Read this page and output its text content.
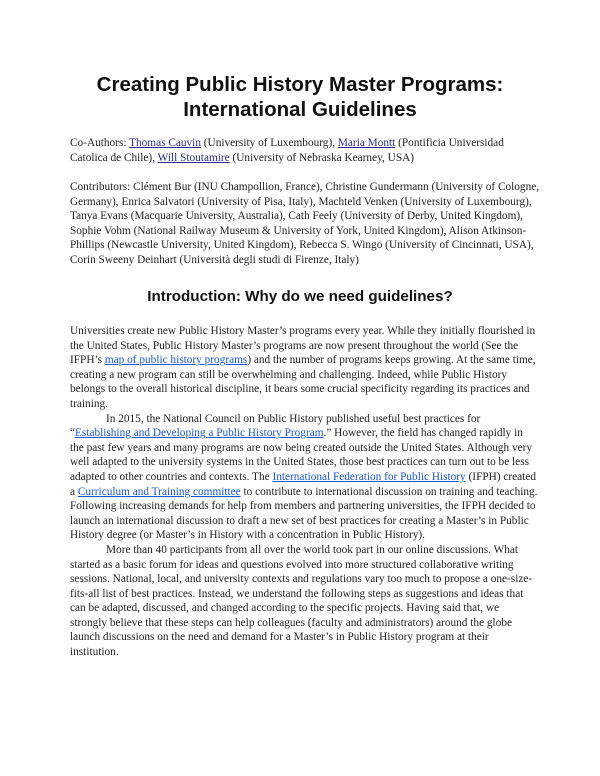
Creating Public History Master Programs:
International Guidelines
Co-Authors: Thomas Cauvin (University of Luxembourg), Maria Montt (Pontificia Universidad Catolica de Chile), Will Stoutamire (University of Nebraska Kearney, USA)
Contributors: Clément Bur (INU Champollion, France), Christine Gundermann (University of Cologne, Germany), Enrica Salvatori (University of Pisa, Italy), Machteld Venken (University of Luxembourg), Tanya Evans (Macquarie University, Australia), Cath Feely (University of Derby, United Kingdom), Sophie Vohm (National Railway Museum & University of York, United Kingdom), Alison Atkinson-Phillips (Newcastle University, United Kingdom), Rebecca S. Wingo (University of Cincinnati, USA), Corin Sweeny Deinhart (Università degli studi di Firenze, Italy)
Introduction: Why do we need guidelines?

Universities create new Public History Master’s programs every year. While they initially flourished in the United States, Public History Master’s programs are now present throughout the world (See the IFPH’s map of public history programs) and the number of programs keeps growing. At the same time, creating a new program can still be overwhelming and challenging. Indeed, while Public History belongs to the overall historical discipline, it bears some crucial specificity regarding its practices and training.

In 2015, the National Council on Public History published useful best practices for “Establishing and Developing a Public History Program.” However, the field has changed rapidly in the past few years and many programs are now being created outside the United States. Although very well adapted to the university systems in the United States, those best practices can turn out to be less adapted to other countries and contexts. The International Federation for Public History (IFPH) created a Curriculum and Training committee to contribute to international discussion on training and teaching. Following increasing demands for help from members and partnering universities, the IFPH decided to launch an international discussion to draft a new set of best practices for creating a Master’s in Public History degree (or Master’s in History with a concentration in Public History).

More than 40 participants from all over the world took part in our online discussions. What started as a basic forum for ideas and questions evolved into more structured collaborative writing sessions. National, local, and university contexts and regulations vary too much to propose a one-size-fits-all list of best practices. Instead, we understand the following steps as suggestions and ideas that can be adapted, discussed, and changed according to the specific projects. Having said that, we strongly believe that these steps can help colleagues (faculty and administrators) around the globe launch discussions on the need and demand for a Master’s in Public History program at their institution.
